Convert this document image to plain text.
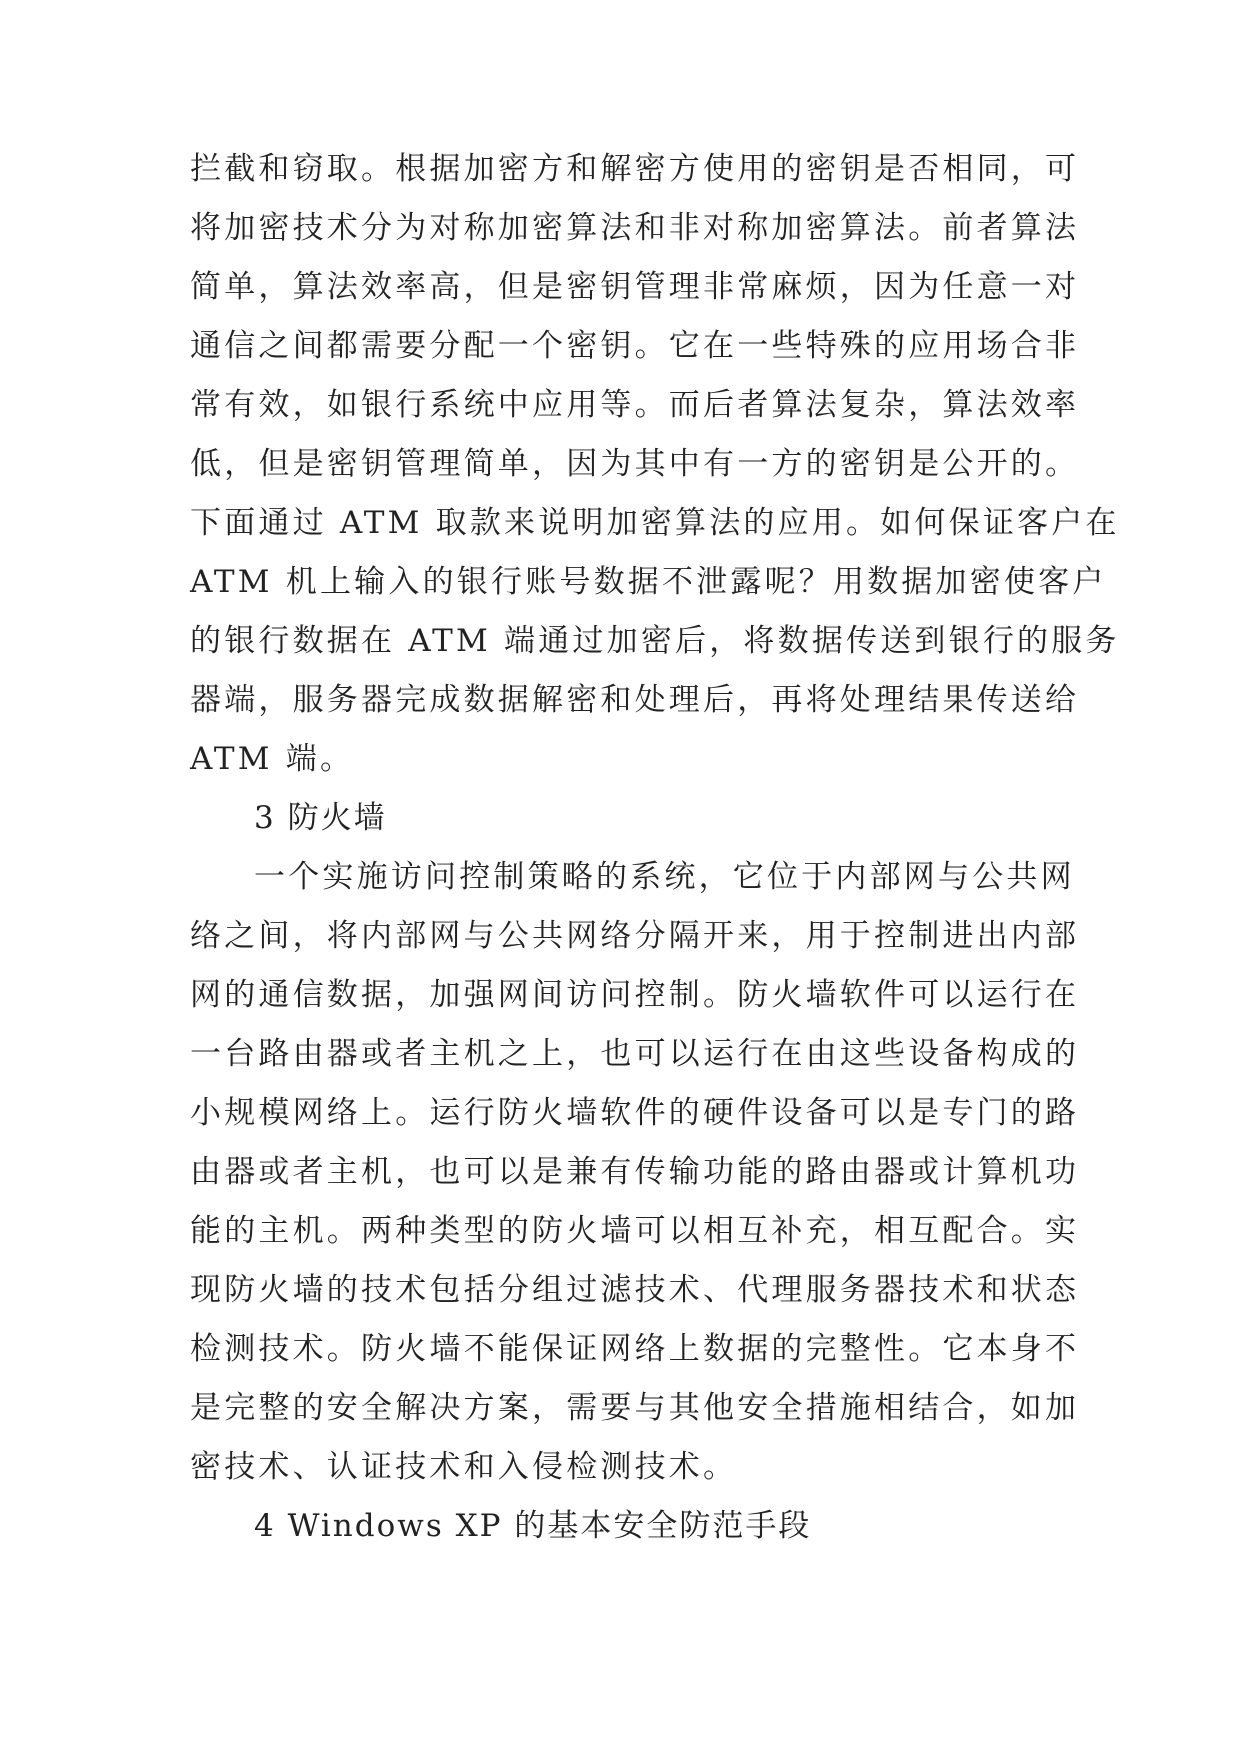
拦截和窃取。根据加密方和解密方使用的密钥是否相同，可
将加密技术分为对称加密算法和非对称加密算法。前者算法
简单，算法效率高，但是密钥管理非常麻烦，因为任意一对
通信之间都需要分配一个密钥。它在一些特殊的应用场合非
常有效，如银行系统中应用等。而后者算法复杂，算法效率
低，但是密钥管理简单，因为其中有一方的密钥是公开的。
下面通过 ATM 取款来说明加密算法的应用。如何保证客户在
ATM 机上输入的银行账号数据不泄露呢？用数据加密使客户
的银行数据在 ATM 端通过加密后，将数据传送到银行的服务
器端，服务器完成数据解密和处理后，再将处理结果传送给
ATM 端。
3 防火墙
一个实施访问控制策略的系统，它位于内部网与公共网
络之间，将内部网与公共网络分隔开来，用于控制进出内部
网的通信数据，加强网间访问控制。防火墙软件可以运行在
一台路由器或者主机之上，也可以运行在由这些设备构成的
小规模网络上。运行防火墙软件的硬件设备可以是专门的路
由器或者主机，也可以是兼有传输功能的路由器或计算机功
能的主机。两种类型的防火墙可以相互补充，相互配合。实
现防火墙的技术包括分组过滤技术、代理服务器技术和状态
检测技术。防火墙不能保证网络上数据的完整性。它本身不
是完整的安全解决方案，需要与其他安全措施相结合，如加
密技术、认证技术和入侵检测技术。
4 Windows XP 的基本安全防范手段
